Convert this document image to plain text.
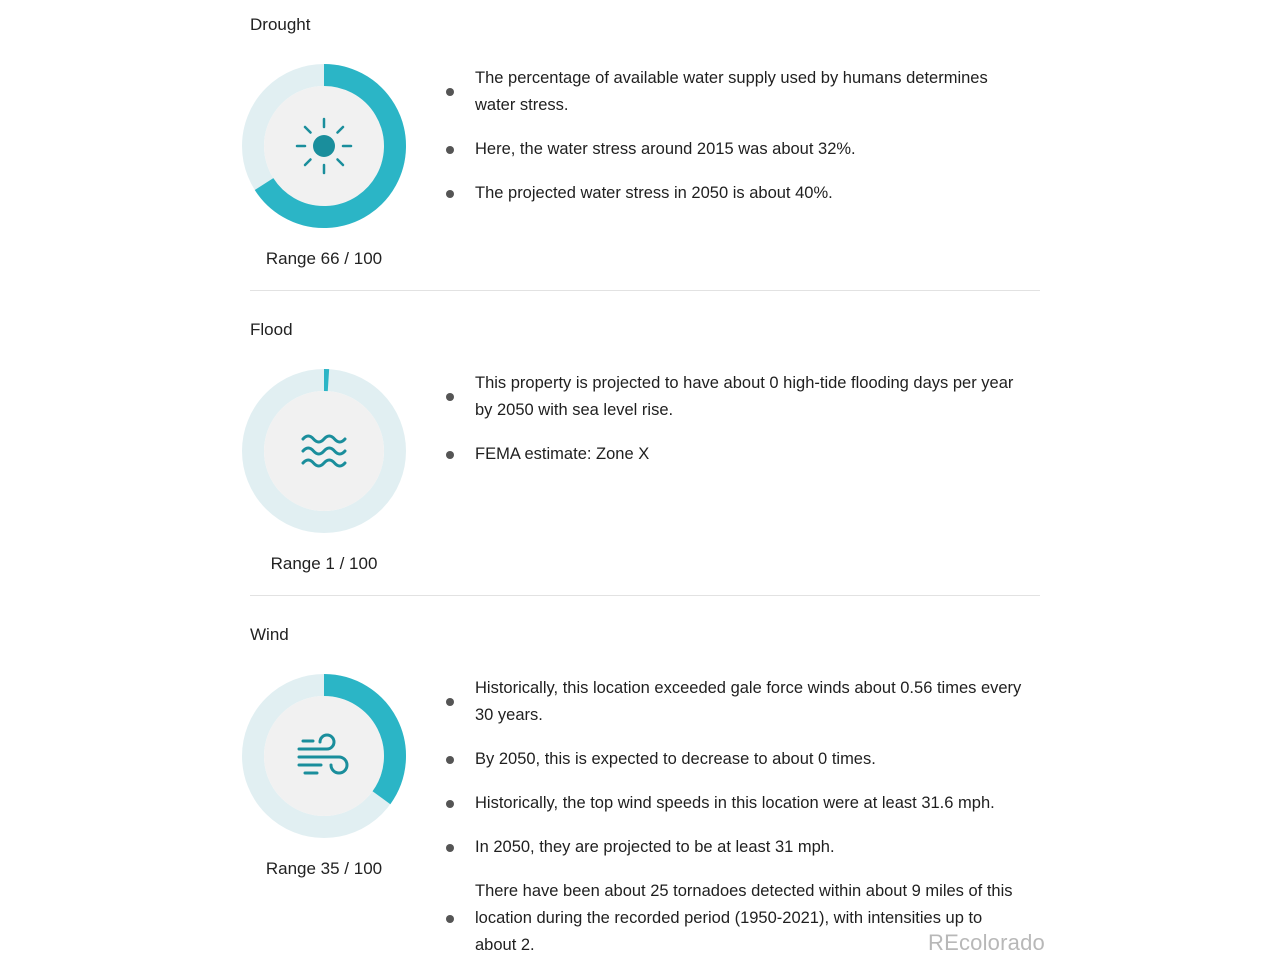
Drought
Range 66 / 100
The percentage of available water supply used by humans determines water stress.
Here, the water stress around 2015 was about 32%.
The projected water stress in 2050 is about 40%.
Flood
Range 1 / 100
This property is projected to have about 0 high-tide flooding days per year by 2050 with sea level rise.
FEMA estimate: Zone X
Wind
Range 35 / 100
Historically, this location exceeded gale force winds about 0.56 times every 30 years.
By 2050, this is expected to decrease to about 0 times.
Historically, the top wind speeds in this location were at least 31.6 mph.
In 2050, they are projected to be at least 31 mph.
There have been about 25 tornadoes detected within about 9 miles of this location during the recorded period (1950-2021), with intensities up to about 2.	REcolorado
